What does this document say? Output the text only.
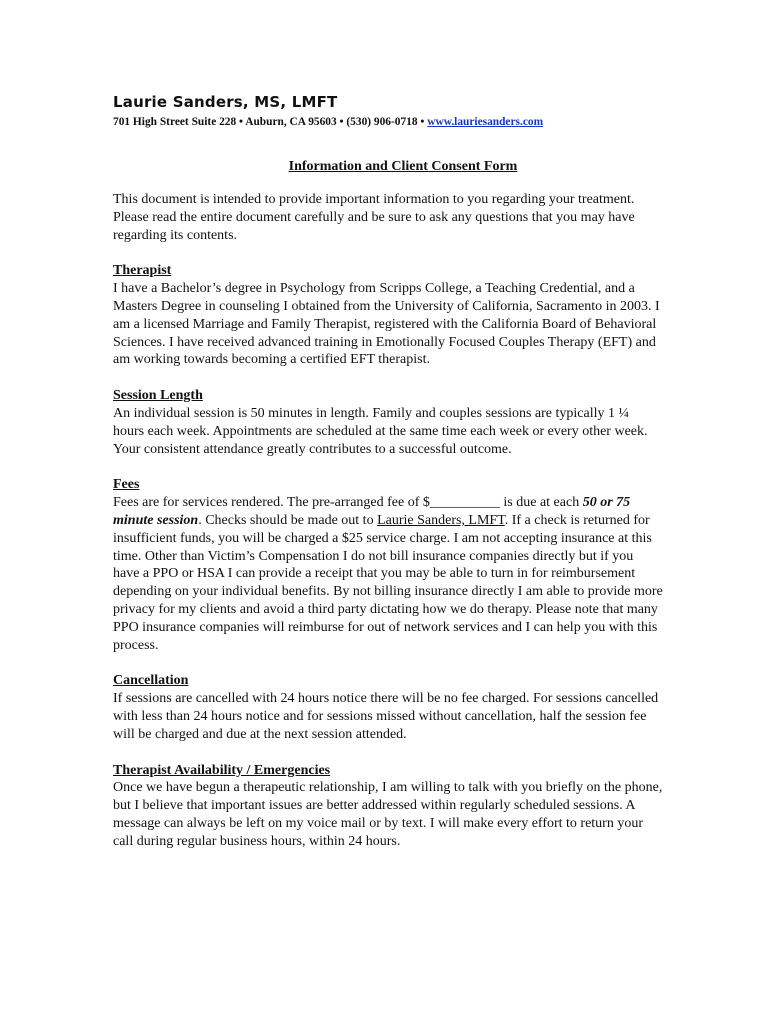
Laurie Sanders, MS, LMFT
701 High Street Suite 228 • Auburn, CA 95603 • (530) 906-0718 • www.lauriesanders.com
Information and Client Consent Form

This document is intended to provide important information to you regarding your treatment. Please read the entire document carefully and be sure to ask any questions that you may have regarding its contents.

Therapist

I have a Bachelor’s degree in Psychology from Scripps College, a Teaching Credential, and a Masters Degree in counseling I obtained from the University of California, Sacramento in 2003. I am a licensed Marriage and Family Therapist, registered with the California Board of Behavioral Sciences. I have received advanced training in Emotionally Focused Couples Therapy (EFT) and am working towards becoming a certified EFT therapist.

Session Length

An individual session is 50 minutes in length. Family and couples sessions are typically 1 ¼ hours each week. Appointments are scheduled at the same time each week or every other week. Your consistent attendance greatly contributes to a successful outcome.

Fees

Fees are for services rendered. The pre-arranged fee of $__________ is due at each 50 or 75 minute session. Checks should be made out to Laurie Sanders, LMFT. If a check is returned for insufficient funds, you will be charged a $25 service charge. I am not accepting insurance at this time. Other than Victim’s Compensation I do not bill insurance companies directly but if you have a PPO or HSA I can provide a receipt that you may be able to turn in for reimbursement depending on your individual benefits. By not billing insurance directly I am able to provide more privacy for my clients and avoid a third party dictating how we do therapy. Please note that many PPO insurance companies will reimburse for out of network services and I can help you with this process.

Cancellation

If sessions are cancelled with 24 hours notice there will be no fee charged. For sessions cancelled with less than 24 hours notice and for sessions missed without cancellation, half the session fee will be charged and due at the next session attended.

Therapist Availability / Emergencies

Once we have begun a therapeutic relationship, I am willing to talk with you briefly on the phone, but I believe that important issues are better addressed within regularly scheduled sessions. A message can always be left on my voice mail or by text. I will make every effort to return your call during regular business hours, within 24 hours.
